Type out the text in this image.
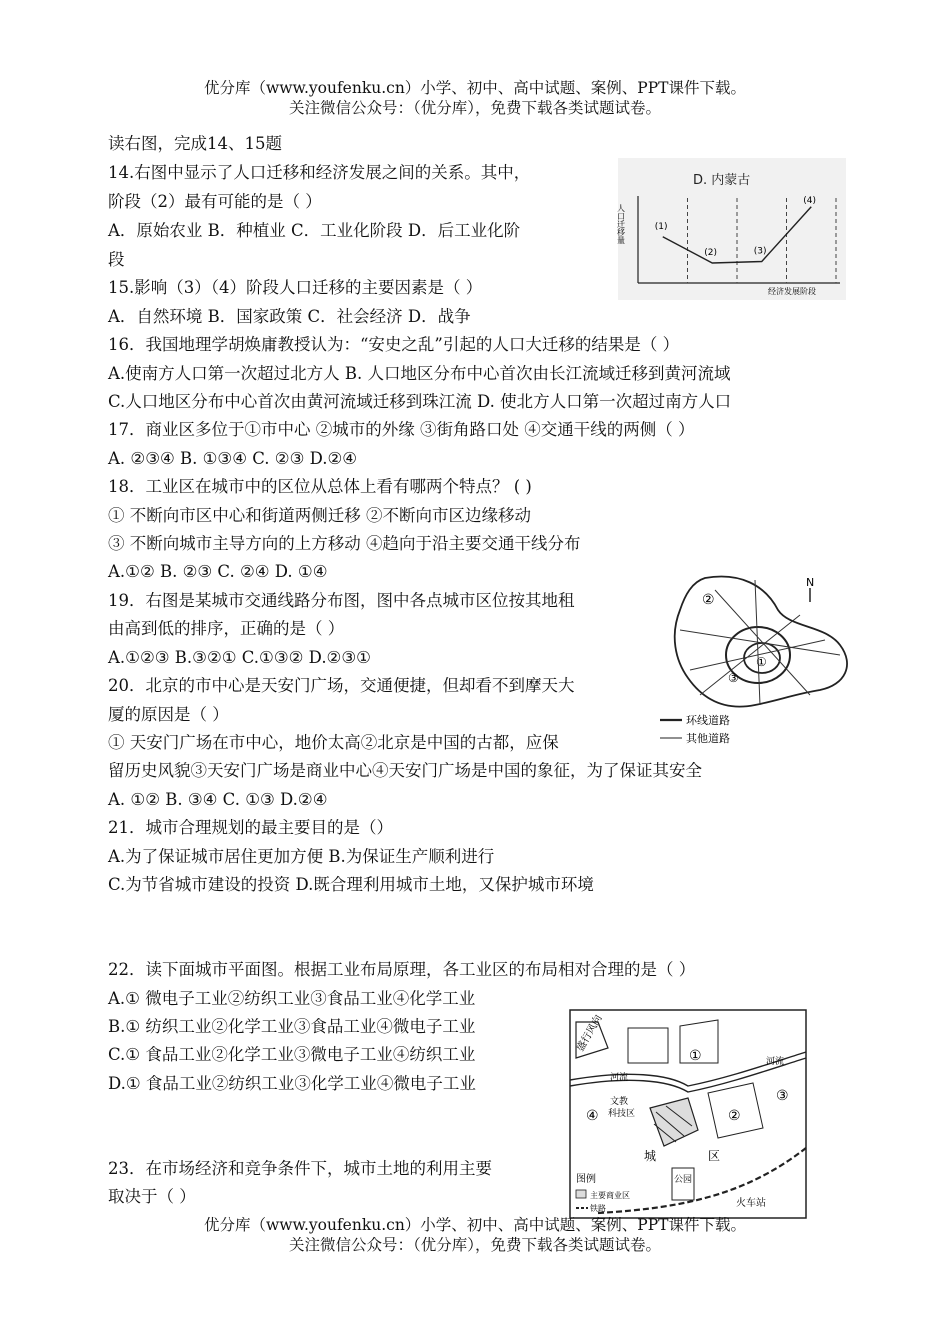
优分库（www.youfenku.cn）小学、初中、高中试题、案例、PPT课件下载。
关注微信公众号：（优分库），免费下载各类试题试卷。
读右图，完成14、15题
14.右图中显示了人口迁移和经济发展之间的关系。其中，
阶段（2）最有可能的是（ ）
A．原始农业 B．种植业 C．工业化阶段 D．后工业化阶
段
15.影响（3）（4）阶段人口迁移的主要因素是（ ）
A．自然环境 B．国家政策 C．社会经济 D．战争
16．我国地理学胡焕庸教授认为：“安史之乱”引起的人口大迁移的结果是（ ）
A.使南方人口第一次超过北方人 B. 人口地区分布中心首次由长江流域迁移到黄河流域
C.人口地区分布中心首次由黄河流域迁移到珠江流 D. 使北方人口第一次超过南方人口
17．商业区多位于①市中心 ②城市的外缘 ③街角路口处 ④交通干线的两侧（ ）
A. ②③④ B. ①③④ C. ②③ D.②④
18．工业区在城市中的区位从总体上看有哪两个特点？ ( )
① 不断向市区中心和街道两侧迁移 ②不断向市区边缘移动
③ 不断向城市主导方向的上方移动 ④趋向于沿主要交通干线分布
A.①② B. ②③ C. ②④ D. ①④
19．右图是某城市交通线路分布图，图中各点城市区位按其地租
由高到低的排序，正确的是（ ）
A.①②③ B.③②① C.①③② D.②③①
20．北京的市中心是天安门广场，交通便捷，但却看不到摩天大
厦的原因是（ ）
① 天安门广场在市中心，地价太高②北京是中国的古都，应保
留历史风貌③天安门广场是商业中心④天安门广场是中国的象征，为了保证其安全
A. ①② B. ③④ C. ①③ D.②④
21．城市合理规划的最主要目的是（）
A.为了保证城市居住更加方便 B.为保证生产顺利进行
C.为节省城市建设的投资 D.既合理利用城市土地，又保护城市环境
22．读下面城市平面图。根据工业布局原理，各工业区的布局相对合理的是（ ）
A.① 微电子工业②纺织工业③食品工业④化学工业
B.① 纺织工业②化学工业③食品工业④微电子工业
C.① 食品工业②化学工业③微电子工业④纺织工业
D.① 食品工业②纺织工业③化学工业④微电子工业
23．在市场经济和竞争条件下，城市土地的利用主要
取决于（ ）
D. 内蒙古
人口迁移量
经济发展阶段
(1)
(2)	(3)
(4)
②
①
③
N
环线道路
其他道路
盛行风向
河流
河流
①
文教
科技区
④	②
③
城	区
公园
火车站
图例
主要商业区
铁路
优分库（www.youfenku.cn）小学、初中、高中试题、案例、PPT课件下载。
关注微信公众号：（优分库），免费下载各类试题试卷。
